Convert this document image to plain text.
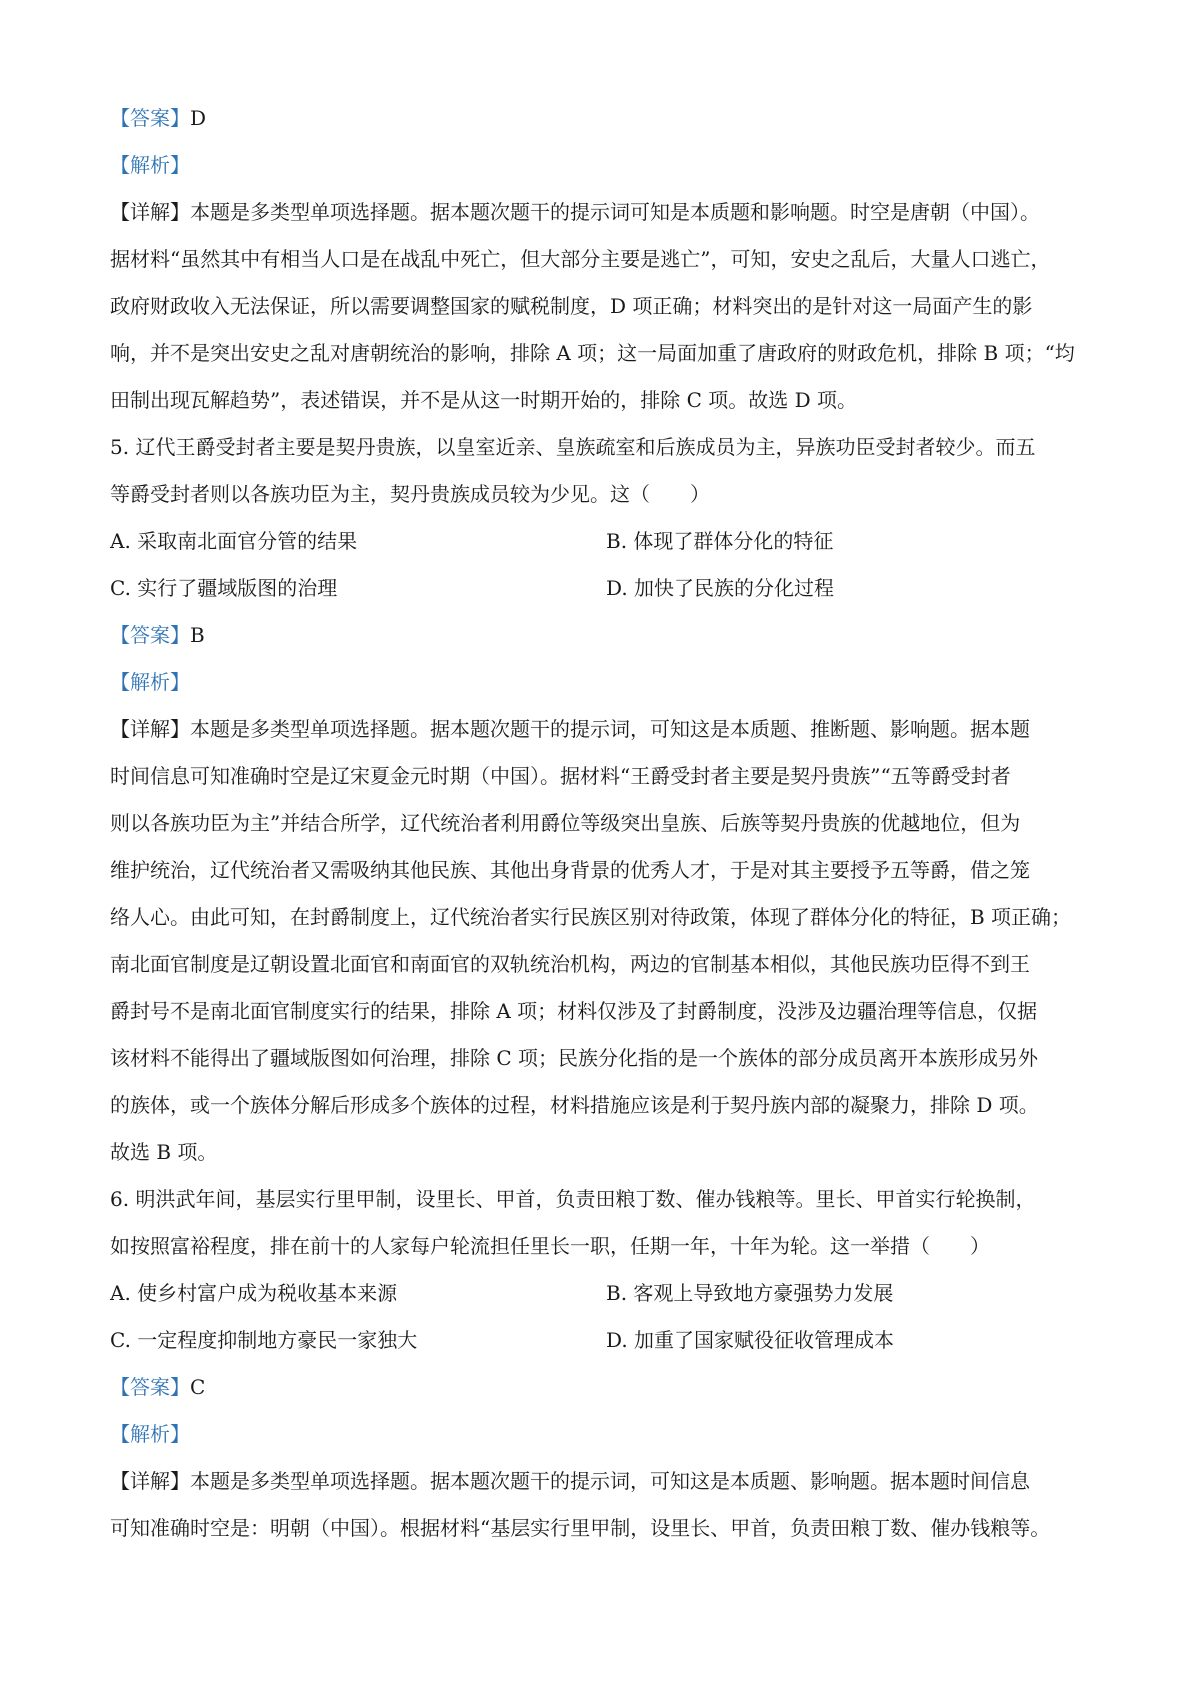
【答案】D
【解析】
【详解】本题是多类型单项选择题。据本题次题干的提示词可知是本质题和影响题。时空是唐朝（中国）。
据材料“虽然其中有相当人口是在战乱中死亡，但大部分主要是逃亡”，可知，安史之乱后，大量人口逃亡，
政府财政收入无法保证，所以需要调整国家的赋税制度，D 项正确；材料突出的是针对这一局面产生的影
响，并不是突出安史之乱对唐朝统治的影响，排除 A 项；这一局面加重了唐政府的财政危机，排除 B 项；“均
田制出现瓦解趋势”，表述错误，并不是从这一时期开始的，排除 C 项。故选 D 项。
5. 辽代王爵受封者主要是契丹贵族，以皇室近亲、皇族疏室和后族成员为主，异族功臣受封者较少。而五
等爵受封者则以各族功臣为主，契丹贵族成员较为少见。这（　　）
A. 采取南北面官分管的结果	B. 体现了群体分化的特征
C. 实行了疆域版图的治理	D. 加快了民族的分化过程
【答案】B
【解析】
【详解】本题是多类型单项选择题。据本题次题干的提示词，可知这是本质题、推断题、影响题。据本题
时间信息可知准确时空是辽宋夏金元时期（中国）。据材料“王爵受封者主要是契丹贵族”“五等爵受封者
则以各族功臣为主”并结合所学，辽代统治者利用爵位等级突出皇族、后族等契丹贵族的优越地位，但为
维护统治，辽代统治者又需吸纳其他民族、其他出身背景的优秀人才，于是对其主要授予五等爵，借之笼
络人心。由此可知，在封爵制度上，辽代统治者实行民族区别对待政策，体现了群体分化的特征，B 项正确；
南北面官制度是辽朝设置北面官和南面官的双轨统治机构，两边的官制基本相似，其他民族功臣得不到王
爵封号不是南北面官制度实行的结果，排除 A 项；材料仅涉及了封爵制度，没涉及边疆治理等信息，仅据
该材料不能得出了疆域版图如何治理，排除 C 项；民族分化指的是一个族体的部分成员离开本族形成另外
的族体，或一个族体分解后形成多个族体的过程，材料措施应该是利于契丹族内部的凝聚力，排除 D 项。
故选 B 项。
6. 明洪武年间，基层实行里甲制，设里长、甲首，负责田粮丁数、催办钱粮等。里长、甲首实行轮换制，
如按照富裕程度，排在前十的人家每户轮流担任里长一职，任期一年，十年为轮。这一举措（　　）
A. 使乡村富户成为税收基本来源	B. 客观上导致地方豪强势力发展
C. 一定程度抑制地方豪民一家独大	D. 加重了国家赋役征收管理成本
【答案】C
【解析】
【详解】本题是多类型单项选择题。据本题次题干的提示词，可知这是本质题、影响题。据本题时间信息
可知准确时空是：明朝（中国）。根据材料“基层实行里甲制，设里长、甲首，负责田粮丁数、催办钱粮等。
